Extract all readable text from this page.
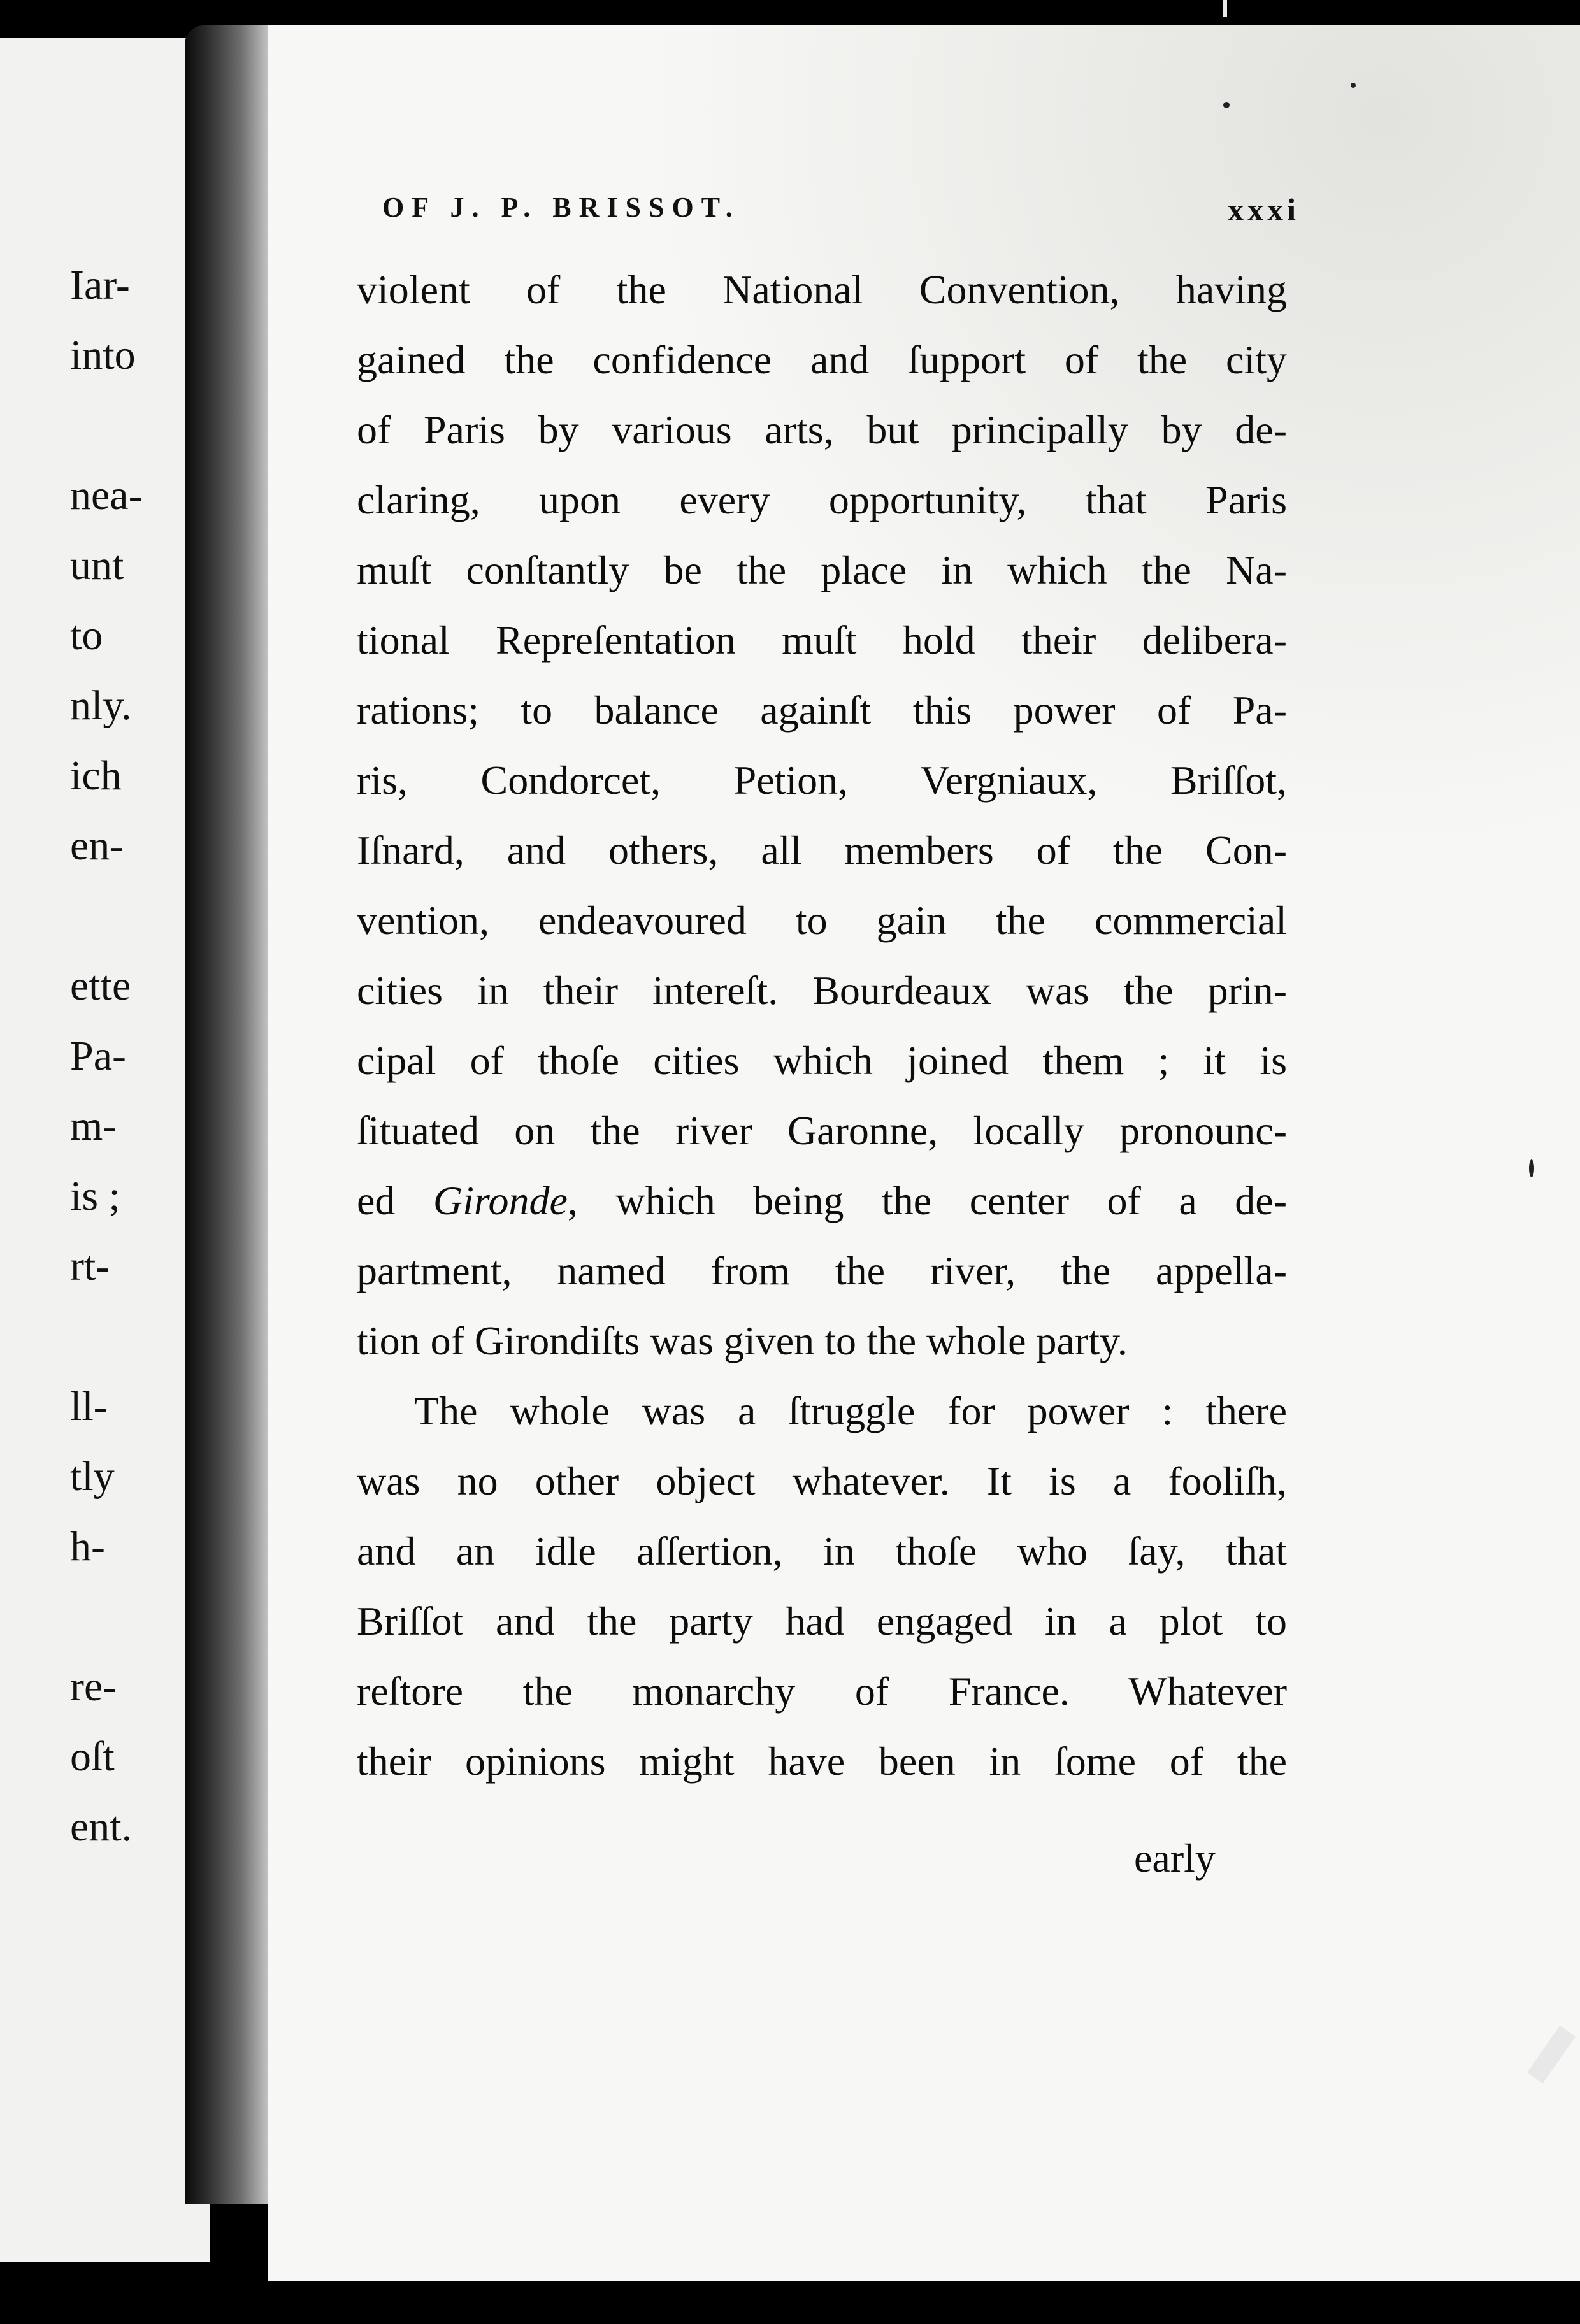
Iar-
into
nea-
unt
to
nly.
ich
en-
ette
Pa-
m-
is ;
rt-
ll-
tly
h-
re-
oſt
ent.
OF J. P. BRISSOT.	xxxi
violent of the National Convention, having
gained the confidence and ſupport of the city
of Paris by various arts, but principally by de-
claring, upon every opportunity, that Paris
muſt conſtantly be the place in which the Na-
tional Repreſentation muſt hold their delibera-
rations; to balance againſt this power of Pa-
ris, Condorcet, Petion, Vergniaux, Briſſot,
Iſnard, and others, all members of the Con-
vention, endeavoured to gain the commercial
cities in their intereſt. Bourdeaux was the prin-
cipal of thoſe cities which joined them ; it is
ſituated on the river Garonne, locally pronounc-
ed Gironde, which being the center of a de-
partment, named from the river, the appella-
tion of Girondiſts was given to the whole party.
The whole was a ſtruggle for power : there
was no other object whatever. It is a fooliſh,
and an idle aſſertion, in thoſe who ſay, that
Briſſot and the party had engaged in a plot to
reſtore the monarchy of France. Whatever
their opinions might have been in ſome of the
early
